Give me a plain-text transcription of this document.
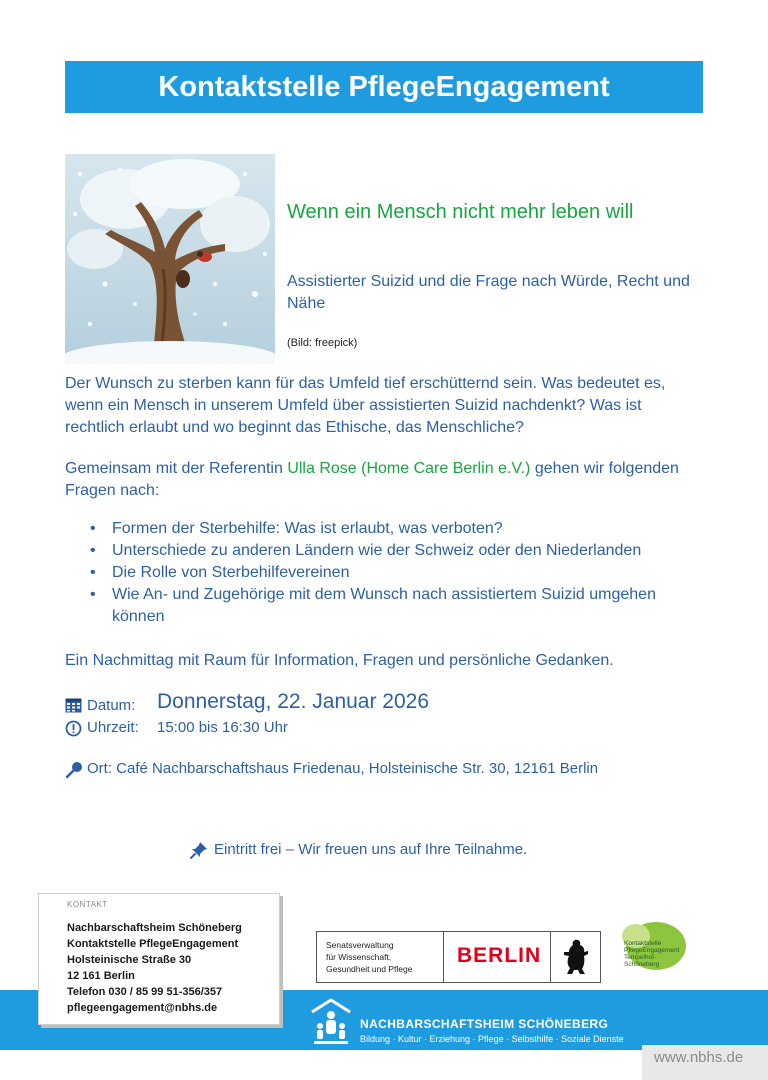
Kontaktstelle PflegeEngagement
Wenn ein Mensch nicht mehr leben will
Assistierter Suizid und die Frage nach Würde, Recht und Nähe
(Bild: freepick)
Der Wunsch zu sterben kann für das Umfeld tief erschütternd sein. Was bedeutet es, wenn ein Mensch in unserem Umfeld über assistierten Suizid nachdenkt? Was ist rechtlich erlaubt und wo beginnt das Ethische, das Menschliche?
Gemeinsam mit der Referentin Ulla Rose (Home Care Berlin e.V.) gehen wir folgenden Fragen nach:
• Formen der Sterbehilfe: Was ist erlaubt, was verboten?
• Unterschiede zu anderen Ländern wie der Schweiz oder den Niederlanden
• Die Rolle von Sterbehilfevereinen
• Wie An- und Zugehörige mit dem Wunsch nach assistiertem Suizid umgehen können
Ein Nachmittag mit Raum für Information, Fragen und persönliche Gedanken.
Datum: Donnerstag, 22. Januar 2026
Uhrzeit: 15:00 bis 16:30 Uhr
Ort: Café Nachbarschaftshaus Friedenau, Holsteinische Str. 30, 12161 Berlin
Eintritt frei – Wir freuen uns auf Ihre Teilnahme.
KONTAKT
Nachbarschaftsheim Schöneberg
Kontaktstelle PflegeEngagement
Holsteinische Straße 30
12 161 Berlin
Telefon 030 / 85 99 51-356/357
pflegeengagement@nbhs.de
Senatsverwaltung
für Wissenschaft,
Gesundheit und Pflege
BERLIN
Kontaktstelle
PflegeEngagement
Tempelhof-Schöneberg
NACHBARSCHAFTSHEIM SCHÖNEBERG
Bildung · Kultur · Erziehung · Pflege · Selbsthilfe · Soziale Dienste
www.nbhs.de
